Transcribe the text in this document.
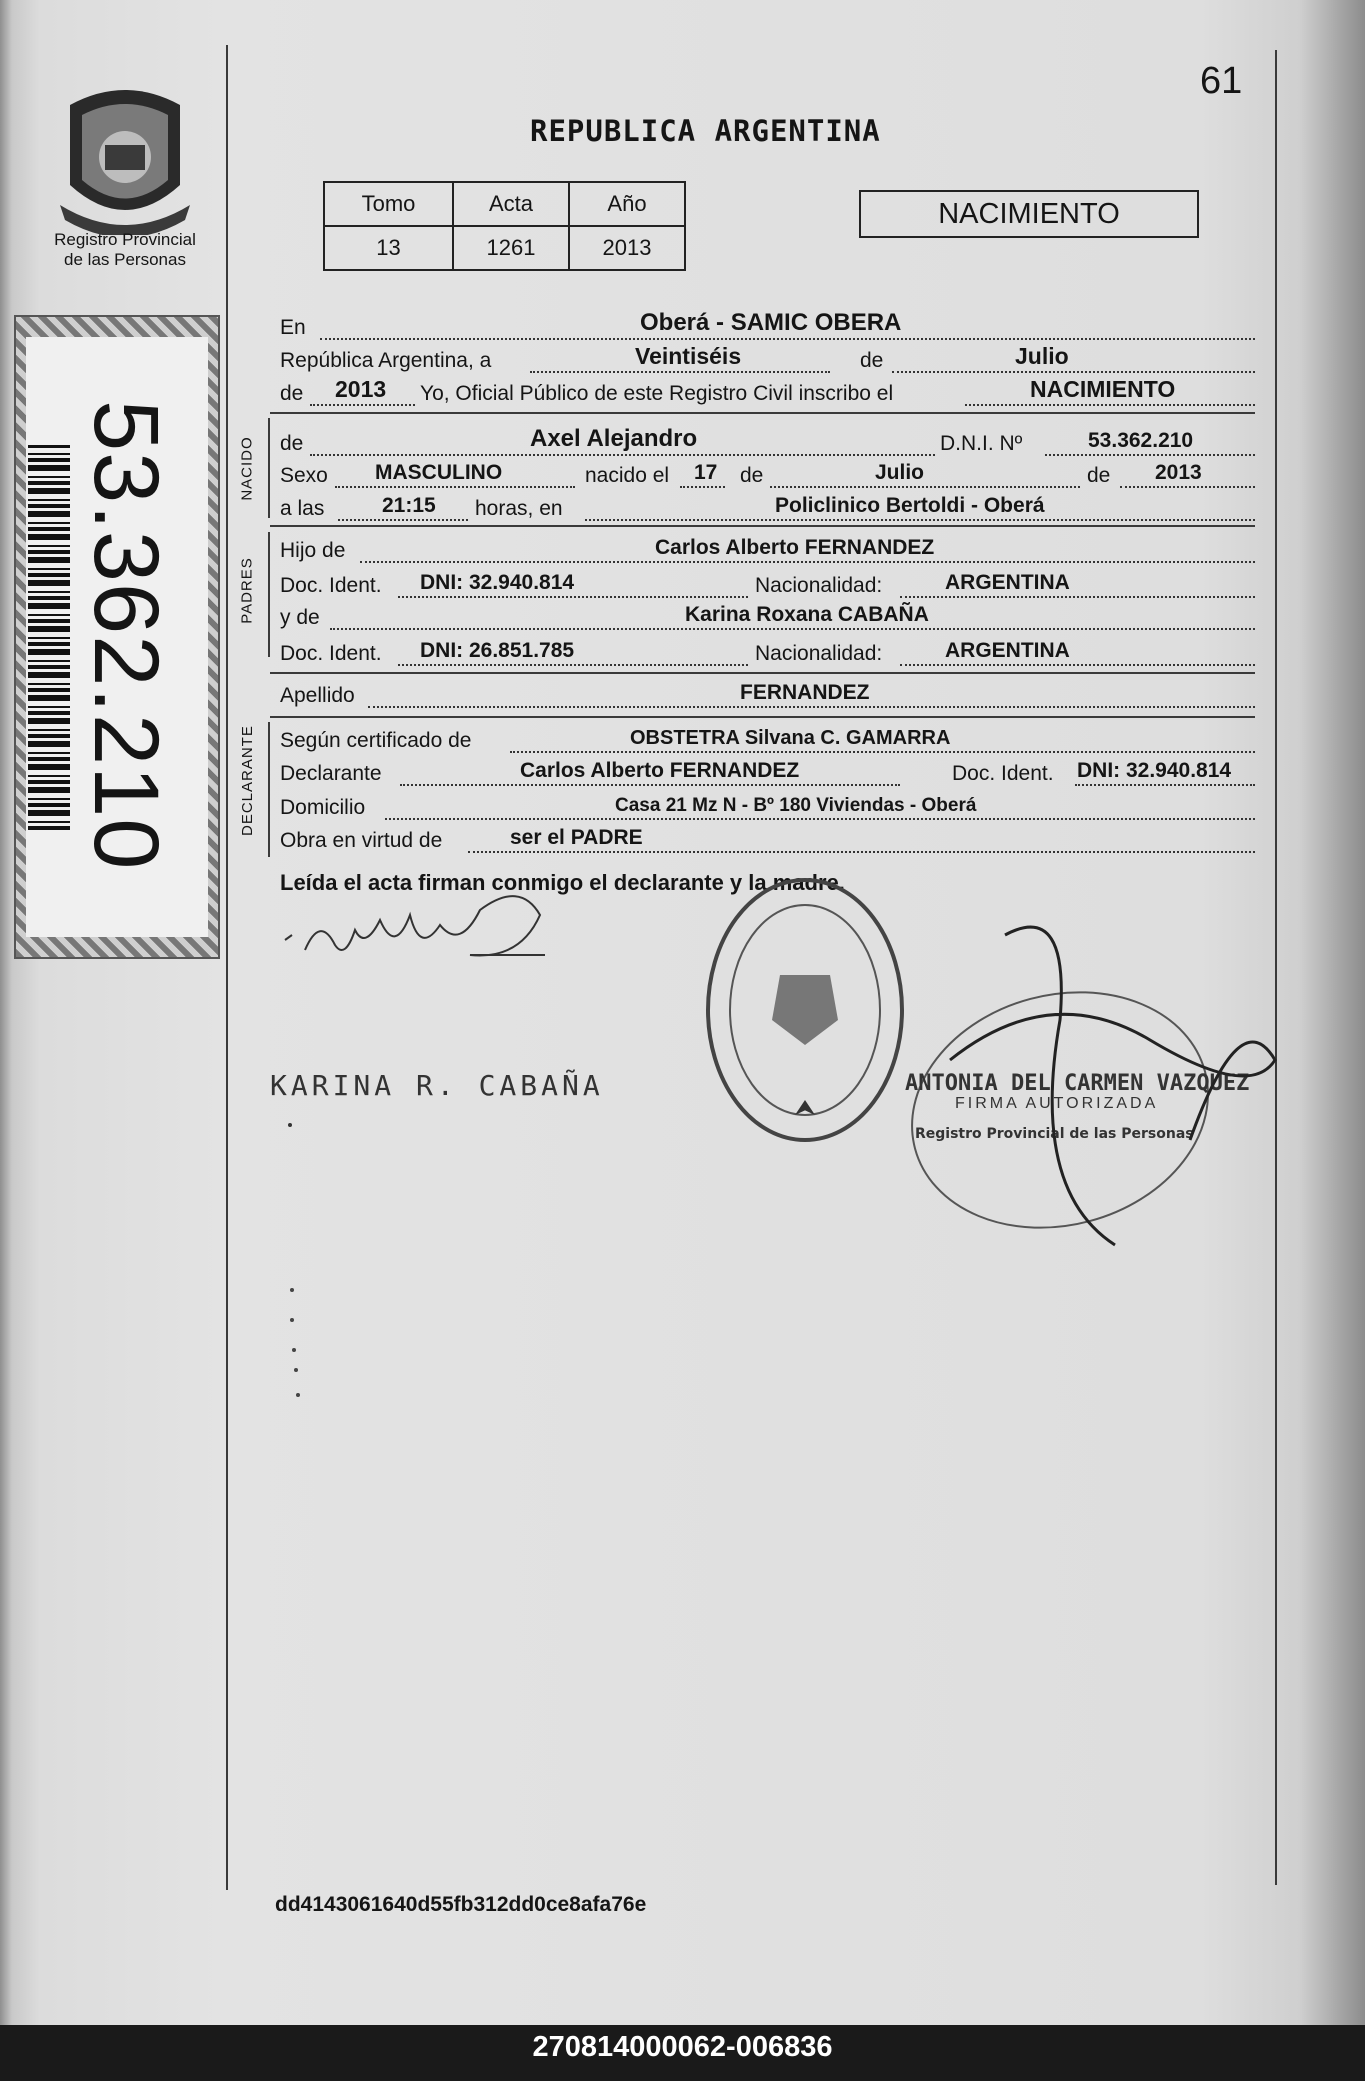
Registro Provincial
de las Personas
53.362.210
61
REPUBLICA ARGENTINA
Tomo	Acta	Año
13	1261	2013
NACIMIENTO
En	Oberá - SAMIC OBERA
República Argentina, a	Veintiséis	de	Julio
de 2013 Yo, Oficial Público de este Registro Civil inscribo el	NACIMIENTO
NACIDO de	Axel Alejandro	D.N.I. Nº	53.362.210
Sexo MASCULINO	nacido el 17 de	Julio	de 2013
a las	21:15 horas, en	Policlinico Bertoldi - Oberá
PADRES
Hijo de	Carlos Alberto FERNANDEZ
Doc. Ident. DNI: 32.940.814	Nacionalidad:	ARGENTINA
y de	Karina Roxana CABAÑA
Doc. Ident. DNI: 26.851.785	Nacionalidad:	ARGENTINA
Apellido	FERNANDEZ
DECLARANTE Según certificado de	OBSTETRA Silvana C. GAMARRA
Declarante	Carlos Alberto FERNANDEZ	Doc. Ident. DNI: 32.940.814
Domicilio	Casa 21 Mz N - Bº 180 Viviendas - Oberá
Obra en virtud de	ser el PADRE
Leída el acta firman conmigo el declarante y la madre.
ANTONIA DEL CARMEN VAZQUEZ
FIRMA AUTORIZADA
Registro Provincial de las Personas
KARINA R. CABAÑA
dd4143061640d55fb312dd0ce8afa76e
270814000062-006836
